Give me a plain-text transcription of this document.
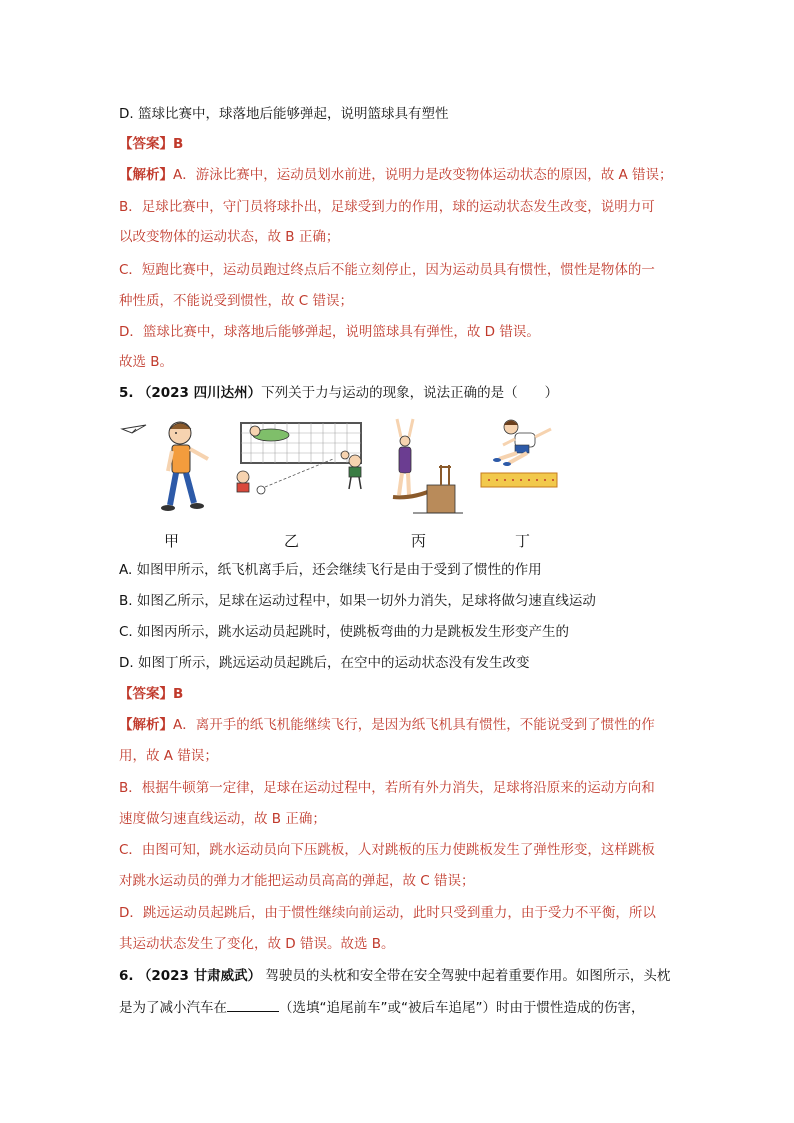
D. 篮球比赛中，球落地后能够弹起，说明篮球具有塑性
【答案】B
【解析】A．游泳比赛中，运动员划水前进，说明力是改变物体运动状态的原因，故 A 错误；
B．足球比赛中，守门员将球扑出，足球受到力的作用，球的运动状态发生改变，说明力可
以改变物体的运动状态，故 B 正确；
C．短跑比赛中，运动员跑过终点后不能立刻停止，因为运动员具有惯性，惯性是物体的一
种性质，不能说受到惯性，故 C 错误；
D．篮球比赛中，球落地后能够弹起，说明篮球具有弹性，故 D 错误。
故选 B。
5. （2023 四川达州）下列关于力与运动的现象，说法正确的是（　　）
甲	乙	丙	丁
A. 如图甲所示，纸飞机离手后，还会继续飞行是由于受到了惯性的作用
B. 如图乙所示，足球在运动过程中，如果一切外力消失，足球将做匀速直线运动
C. 如图丙所示，跳水运动员起跳时，使跳板弯曲的力是跳板发生形变产生的
D. 如图丁所示，跳远运动员起跳后，在空中的运动状态没有发生改变
【答案】B
【解析】A．离开手的纸飞机能继续飞行，是因为纸飞机具有惯性，不能说受到了惯性的作
用，故 A 错误；
B．根据牛顿第一定律，足球在运动过程中，若所有外力消失，足球将沿原来的运动方向和
速度做匀速直线运动，故 B 正确；
C．由图可知，跳水运动员向下压跳板，人对跳板的压力使跳板发生了弹性形变，这样跳板
对跳水运动员的弹力才能把运动员高高的弹起，故 C 错误；
D．跳远运动员起跳后，由于惯性继续向前运动，此时只受到重力，由于受力不平衡，所以
其运动状态发生了变化，故 D 错误。故选 B。
6. （2023 甘肃威武） 驾驶员的头枕和安全带在安全驾驶中起着重要作用。如图所示，头枕
是为了减小汽车在	（选填“追尾前车”或“被后车追尾”）时由于惯性造成的伤害，
